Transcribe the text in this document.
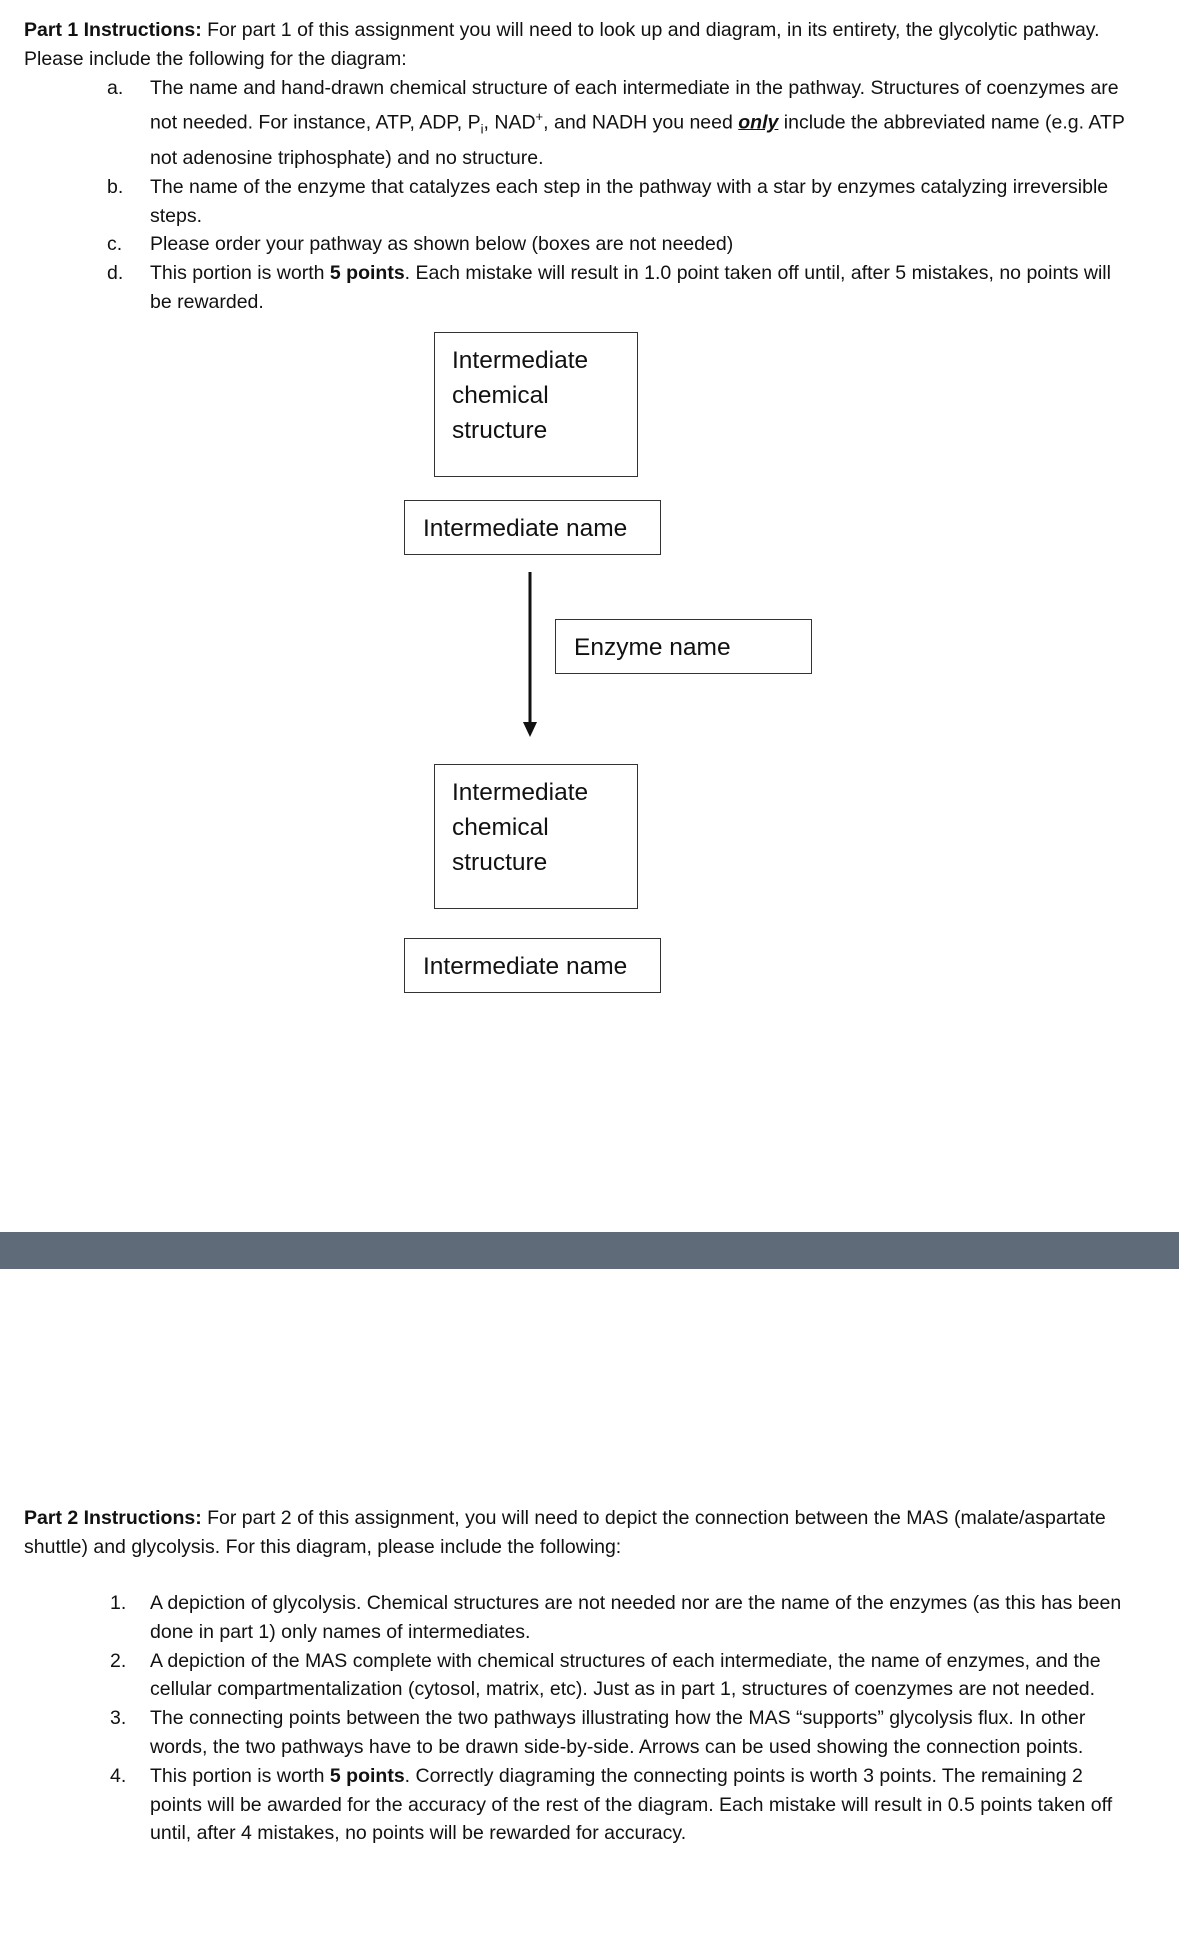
Part 1 Instructions: For part 1 of this assignment you will need to look up and diagram, in its entirety, the glycolytic pathway. Please include the following for the diagram:

a. The name and hand-drawn chemical structure of each intermediate in the pathway. Structures of coenzymes are not needed. For instance, ATP, ADP, $P_i$, NAD+, and NADH you need only include the abbreviated name (e.g. ATP not adenosine triphosphate) and no structure.
b. The name of the enzyme that catalyzes each step in the pathway with a star by enzymes catalyzing irreversible steps.
c. Please order your pathway as shown below (boxes are not needed)
d. This portion is worth 5 points. Each mistake will result in 1.0 point taken off until, after 5 mistakes, no points will be rewarded.
Intermediate
chemical
structure
Intermediate name
Enzyme name
Intermediate
chemical
structure
Intermediate name

Part 2 Instructions: For part 2 of this assignment, you will need to depict the connection between the MAS (malate/aspartate shuttle) and glycolysis. For this diagram, please include the following:

1. A depiction of glycolysis. Chemical structures are not needed nor are the name of the enzymes (as this has been done in part 1) only names of intermediates.
2. A depiction of the MAS complete with chemical structures of each intermediate, the name of enzymes, and the cellular compartmentalization (cytosol, matrix, etc). Just as in part 1, structures of coenzymes are not needed.
3. The connecting points between the two pathways illustrating how the MAS “supports” glycolysis flux. In other words, the two pathways have to be drawn side-by-side. Arrows can be used showing the connection points.
4. This portion is worth 5 points. Correctly diagraming the connecting points is worth 3 points. The remaining 2 points will be awarded for the accuracy of the rest of the diagram. Each mistake will result in 0.5 points taken off until, after 4 mistakes, no points will be rewarded for accuracy.
